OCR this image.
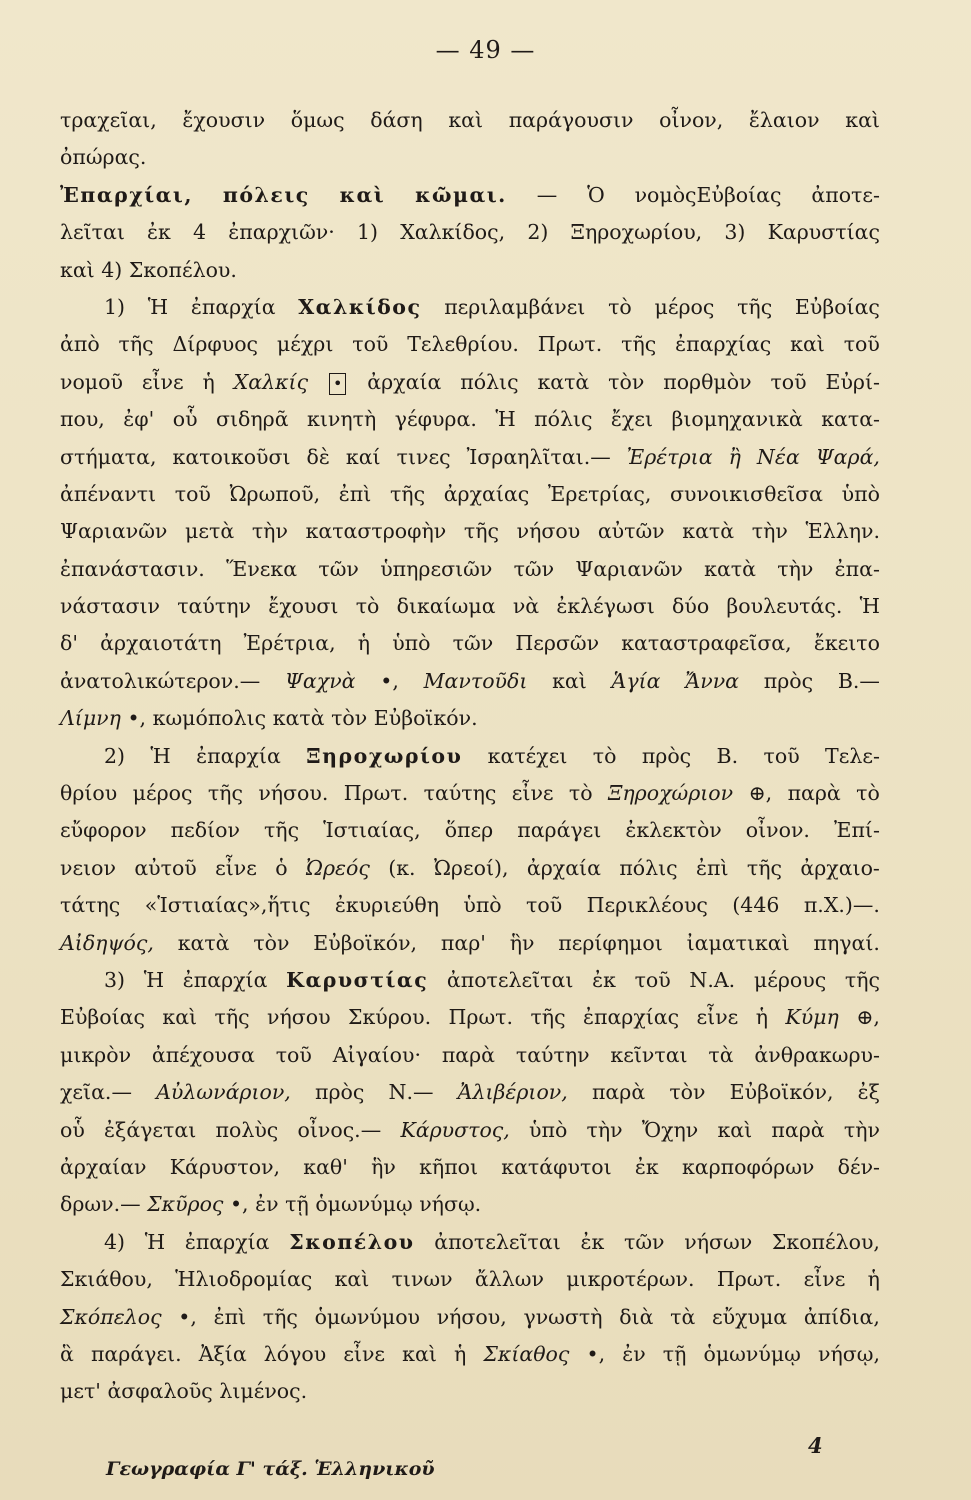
— 49 —
τραχεῖαι, ἔχουσιν ὅμως δάση καὶ παράγουσιν οἶνον, ἔλαιον καὶ
ὀπώρας.
Ἐπαρχίαι, πόλεις καὶ κῶμαι. — Ὁ νομὸςΕὐβοίας ἀποτε-
λεῖται ἐκ 4 ἐπαρχιῶν· 1) Χαλκίδος, 2) Ξηροχωρίου, 3) Καρυστίας
καὶ 4) Σκοπέλου.
1) Ἡ ἐπαρχία Χαλκίδος περιλαμβάνει τὸ μέρος τῆς Εὐβοίας
ἀπὸ τῆς Δίρφυος μέχρι τοῦ Τελεθρίου. Πρωτ. τῆς ἐπαρχίας καὶ τοῦ
νομοῦ εἶνε ἡ Χαλκίς • ἀρχαία πόλις κατὰ τὸν πορθμὸν τοῦ Εὐρί-
που, ἐφ' οὗ σιδηρᾶ κινητὴ γέφυρα. Ἡ πόλις ἔχει βιομηχανικὰ κατα-
στήματα, κατοικοῦσι δὲ καί τινες Ἰσραηλῖται.— Ἐρέτρια ἢ Νέα Ψαρά,
ἀπέναντι τοῦ Ὠρωποῦ, ἐπὶ τῆς ἀρχαίας Ἐρετρίας, συνοικισθεῖσα ὑπὸ
Ψαριανῶν μετὰ τὴν καταστροφὴν τῆς νήσου αὐτῶν κατὰ τὴν Ἑλλην.
ἐπανάστασιν. Ἕνεκα τῶν ὑπηρεσιῶν τῶν Ψαριανῶν κατὰ τὴν ἐπα-
νάστασιν ταύτην ἔχουσι τὸ δικαίωμα νὰ ἐκλέγωσι δύο βουλευτάς. Ἡ
δ' ἀρχαιοτάτη Ἐρέτρια, ἡ ὑπὸ τῶν Περσῶν καταστραφεῖσα, ἔκειτο
ἀνατολικώτερον.— Ψαχνὰ •, Μαντοῦδι καὶ Ἁγία Ἄννα πρὸς Β.—
Λίμνη •, κωμόπολις κατὰ τὸν Εὐβοϊκόν.
2) Ἡ ἐπαρχία Ξηροχωρίου κατέχει τὸ πρὸς Β. τοῦ Τελε-
θρίου μέρος τῆς νήσου. Πρωτ. ταύτης εἶνε τὸ Ξηροχώριον ⊕, παρὰ τὸ
εὔφορον πεδίον τῆς Ἱστιαίας, ὅπερ παράγει ἐκλεκτὸν οἶνον. Ἐπί-
νειον αὐτοῦ εἶνε ὁ Ὠρεός (κ. Ὠρεοί), ἀρχαία πόλις ἐπὶ τῆς ἀρχαιο-
τάτης «Ἱστιαίας»,ἥτις ἐκυριεύθη ὑπὸ τοῦ Περικλέους (446 π.Χ.)—.
Αἰδηψός, κατὰ τὸν Εὐβοϊκόν, παρ' ἣν περίφημοι ἰαματικαὶ πηγαί.
3) Ἡ ἐπαρχία Καρυστίας ἀποτελεῖται ἐκ τοῦ Ν.Α. μέρους τῆς
Εὐβοίας καὶ τῆς νήσου Σκύρου. Πρωτ. τῆς ἐπαρχίας εἶνε ἡ Κύμη ⊕,
μικρὸν ἀπέχουσα τοῦ Αἰγαίου· παρὰ ταύτην κεῖνται τὰ ἀνθρακωρυ-
χεῖα.— Αὐλωνάριον, πρὸς Ν.— Ἀλιβέριον, παρὰ τὸν Εὐβοϊκόν, ἐξ
οὗ ἐξάγεται πολὺς οἶνος.— Κάρυστος, ὑπὸ τὴν Ὄχην καὶ παρὰ τὴν
ἀρχαίαν Κάρυστον, καθ' ἣν κῆποι κατάφυτοι ἐκ καρποφόρων δέν-
δρων.— Σκῦρος •, ἐν τῇ ὁμωνύμῳ νήσῳ.
4) Ἡ ἐπαρχία Σκοπέλου ἀποτελεῖται ἐκ τῶν νήσων Σκοπέλου,
Σκιάθου, Ἡλιοδρομίας καὶ τινων ἄλλων μικροτέρων. Πρωτ. εἶνε ἡ
Σκόπελος •, ἐπὶ τῆς ὁμωνύμου νήσου, γνωστὴ διὰ τὰ εὔχυμα ἀπίδια,
ἃ παράγει. Ἀξία λόγου εἶνε καὶ ἡ Σκίαθος •, ἐν τῇ ὁμωνύμῳ νήσῳ,
μετ' ἀσφαλοῦς λιμένος.
4
Γεωγραφία Γ' τάξ. Ἑλληνικοῦ
